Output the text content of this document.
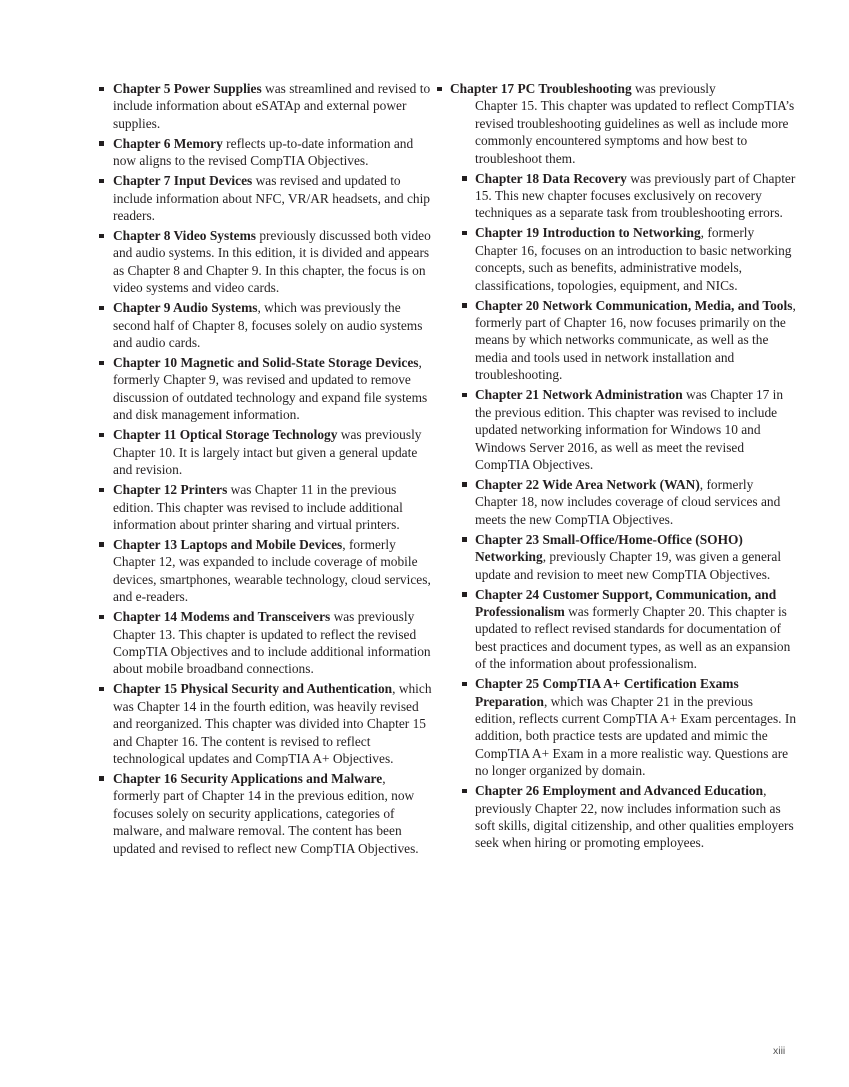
Chapter 5 Power Supplies was streamlined and revised to include information about eSATAp and external power supplies.
Chapter 6 Memory reflects up-to-date information and now aligns to the revised CompTIA Objectives.
Chapter 7 Input Devices was revised and updated to include information about NFC, VR/AR headsets, and chip readers.
Chapter 8 Video Systems previously discussed both video and audio systems. In this edition, it is divided and appears as Chapter 8 and Chapter 9. In this chapter, the focus is on video systems and video cards.
Chapter 9 Audio Systems, which was previously the second half of Chapter 8, focuses solely on audio systems and audio cards.
Chapter 10 Magnetic and Solid-State Storage Devices, formerly Chapter 9, was revised and updated to remove discussion of outdated technology and expand file systems and disk management information.
Chapter 11 Optical Storage Technology was previously Chapter 10. It is largely intact but given a general update and revision.
Chapter 12 Printers was Chapter 11 in the previous edition. This chapter was revised to include additional information about printer sharing and virtual printers.
Chapter 13 Laptops and Mobile Devices, formerly Chapter 12, was expanded to include coverage of mobile devices, smartphones, wearable technology, cloud services, and e-readers.
Chapter 14 Modems and Transceivers was previously Chapter 13. This chapter is updated to reflect the revised CompTIA Objectives and to include additional information about mobile broadband connections.
Chapter 15 Physical Security and Authentication, which was Chapter 14 in the fourth edition, was heavily revised and reorganized. This chapter was divided into Chapter 15 and Chapter 16. The content is revised to reflect technological updates and CompTIA A+ Objectives.
Chapter 16 Security Applications and Malware, formerly part of Chapter 14 in the previous edition, now focuses solely on security applications, categories of malware, and malware removal. The content has been updated and revised to reflect new CompTIA Objectives.
Chapter 17 PC Troubleshooting was previously
Chapter 15. This chapter was updated to reflect CompTIA’s revised troubleshooting guidelines as well as include more commonly encountered symptoms and how best to troubleshoot them.
Chapter 18 Data Recovery was previously part of Chapter 15. This new chapter focuses exclusively on recovery techniques as a separate task from troubleshooting errors.
Chapter 19 Introduction to Networking, formerly Chapter 16, focuses on an introduction to basic networking concepts, such as benefits, administrative models, classifications, topologies, equipment, and NICs.
Chapter 20 Network Communication, Media, and Tools, formerly part of Chapter 16, now focuses primarily on the means by which networks communicate, as well as the media and tools used in network installation and troubleshooting.
Chapter 21 Network Administration was Chapter 17 in the previous edition. This chapter was revised to include updated networking information for Windows 10 and Windows Server 2016, as well as meet the revised CompTIA Objectives.
Chapter 22 Wide Area Network (WAN), formerly Chapter 18, now includes coverage of cloud services and meets the new CompTIA Objectives.
Chapter 23 Small-Office/Home-Office (SOHO) Networking, previously Chapter 19, was given a general update and revision to meet new CompTIA Objectives.
Chapter 24 Customer Support, Communication, and Professionalism was formerly Chapter 20. This chapter is updated to reflect revised standards for documentation of best practices and document types, as well as an expansion of the information about professionalism.
Chapter 25 CompTIA A+ Certification Exams Preparation, which was Chapter 21 in the previous edition, reflects current CompTIA A+ Exam percentages. In addition, both practice tests are updated and mimic the CompTIA A+ Exam in a more realistic way. Questions are no longer organized by domain.
Chapter 26 Employment and Advanced Education, previously Chapter 22, now includes information such as soft skills, digital citizenship, and other qualities employers seek when hiring or promoting employees.
xiii
